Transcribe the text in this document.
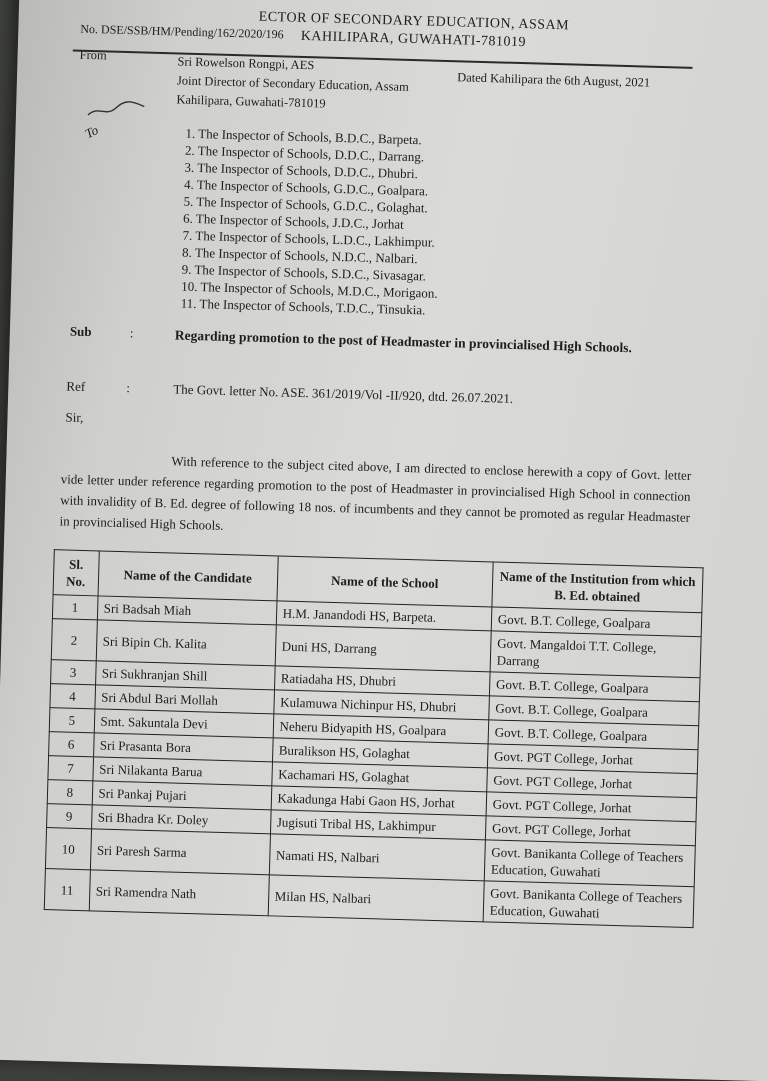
ECTOR OF SECONDARY EDUCATION, ASSAM
KAHILIPARA, GUWAHATI-781019
No. DSE/SSB/HM/Pending/162/2020/196
Dated Kahilipara the 6th August, 2021
From	Sri Rowelson Rongpi, AES
Joint Director of Secondary Education, Assam
Kahilipara, Guwahati-781019
To	1. The Inspector of Schools, B.D.C., Barpeta.
2. The Inspector of Schools, D.D.C., Darrang.
3. The Inspector of Schools, D.D.C., Dhubri.
4. The Inspector of Schools, G.D.C., Goalpara.
5. The Inspector of Schools, G.D.C., Golaghat.
6. The Inspector of Schools, J.D.C., Jorhat
7. The Inspector of Schools, L.D.C., Lakhimpur.
8. The Inspector of Schools, N.D.C., Nalbari.
9. The Inspector of Schools, S.D.C., Sivasagar.
10. The Inspector of Schools, M.D.C., Morigaon.
11. The Inspector of Schools, T.D.C., Tinsukia.
Sub	:	Regarding promotion to the post of Headmaster in provincialised High Schools.
Ref	:	The Govt. letter No. ASE. 361/2019/Vol -II/920, dtd. 26.07.2021.
Sir,
With reference to the subject cited above, I am directed to enclose herewith a copy of Govt. letter vide letter under reference regarding promotion to the post of Headmaster in provincialised High School in connection with invalidity of B. Ed. degree of following 18 nos. of incumbents and they cannot be promoted as regular Headmaster in provincialised High Schools.
Sl. No.	Name of the Candidate	Name of the School	Name of the Institution from which B. Ed. obtained
1	Sri Badsah Miah	H.M. Janandodi HS, Barpeta.	Govt. B.T. College, Goalpara
2	Sri Bipin Ch. Kalita	Duni HS, Darrang	Govt. Mangaldoi T.T. College, Darrang
3	Sri Sukhranjan Shill	Ratiadaha HS, Dhubri	Govt. B.T. College, Goalpara
4	Sri Abdul Bari Mollah	Kulamuwa Nichinpur HS, Dhubri	Govt. B.T. College, Goalpara
5	Smt. Sakuntala Devi	Neheru Bidyapith HS, Goalpara	Govt. B.T. College, Goalpara
6	Sri Prasanta Bora	Buralikson HS, Golaghat	Govt. PGT College, Jorhat
7	Sri Nilakanta Barua	Kachamari HS, Golaghat	Govt. PGT College, Jorhat
8	Sri Pankaj Pujari	Kakadunga Habi Gaon HS, Jorhat	Govt. PGT College, Jorhat
9	Sri Bhadra Kr. Doley	Jugisuti Tribal HS, Lakhimpur	Govt. PGT College, Jorhat
10	Sri Paresh Sarma	Namati HS, Nalbari	Govt. Banikanta College of Teachers Education, Guwahati
11	Sri Ramendra Nath	Milan HS, Nalbari	Govt. Banikanta College of Teachers Education, Guwahati
